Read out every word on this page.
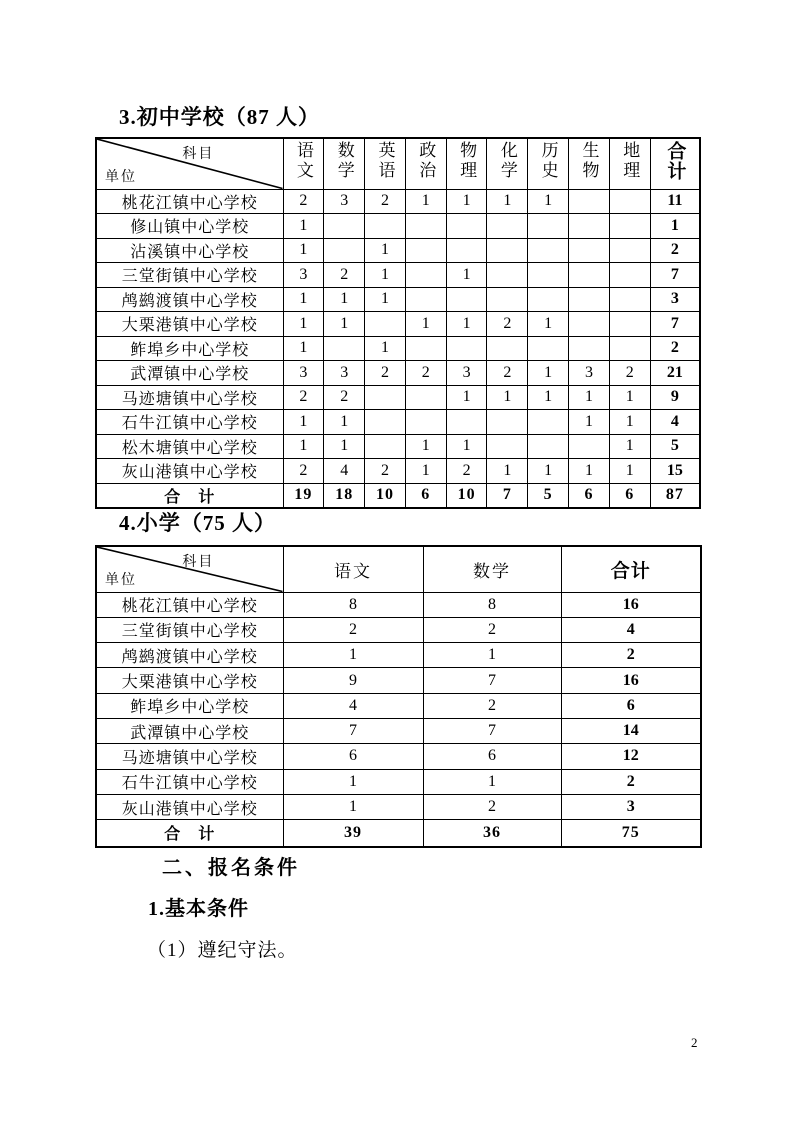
3.初中学校（87 人）
科目
单位	语文	数学	英语	政治	物理	化学	历史	生物	地理	合计
桃花江镇中心学校	2	3	2	1	1	1	1			11
修山镇中心学校	1									1
沾溪镇中心学校	1		1							2
三堂街镇中心学校	3	2	1		1					7
鸬鹚渡镇中心学校	1	1	1							3
大栗港镇中心学校	1	1		1	1	2	1			7
鲊埠乡中心学校	1		1							2
武潭镇中心学校	3	3	2	2	3	2	1	3	2	21
马迹塘镇中心学校	2	2			1	1	1	1	1	9
石牛江镇中心学校	1	1						1	1	4
松木塘镇中心学校	1	1		1	1				1	5
灰山港镇中心学校	2	4	2	1	2	1	1	1	1	15
合　计	19	18	10	6	10	7	5	6	6	87
4.小学（75 人）
科目
单位	语文	数学	合计
桃花江镇中心学校	8	8	16
三堂街镇中心学校	2	2	4
鸬鹚渡镇中心学校	1	1	2
大栗港镇中心学校	9	7	16
鲊埠乡中心学校	4	2	6
武潭镇中心学校	7	7	14
马迹塘镇中心学校	6	6	12
石牛江镇中心学校	1	1	2
灰山港镇中心学校	1	2	3
合　计	39	36	75

二、报名条件

1.基本条件

（1）遵纪守法。

2
